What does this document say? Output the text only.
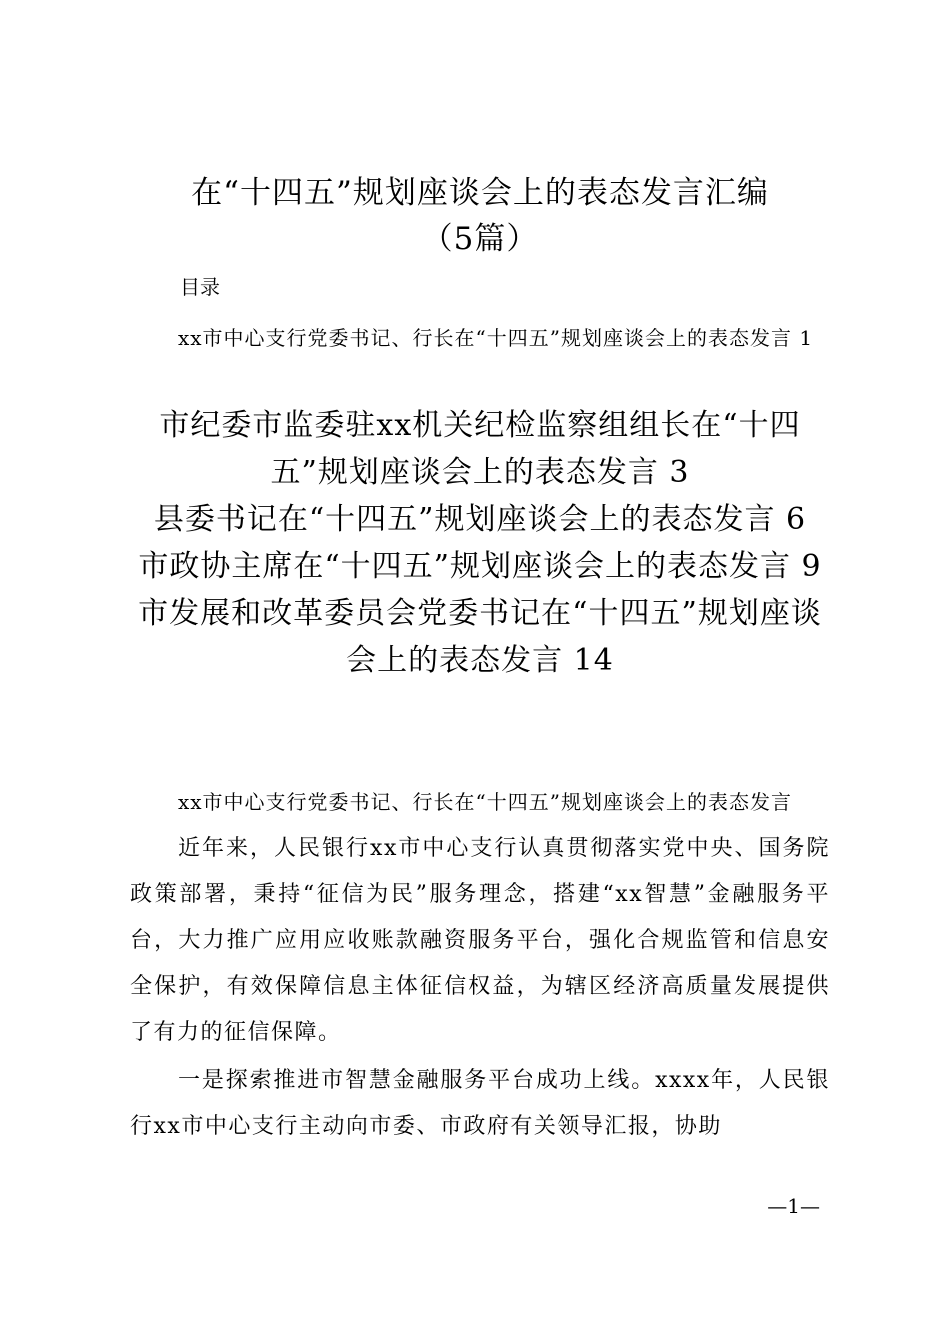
在“十四五”规划座谈会上的表态发言汇编
（5篇）
目录
xx市中心支行党委书记、行长在“十四五”规划座谈会上的表态发言 1
市纪委市监委驻xx机关纪检监察组组长在“十四五”规划座谈会上的表态发言 3
县委书记在“十四五”规划座谈会上的表态发言 6
市政协主席在“十四五”规划座谈会上的表态发言 9
市发展和改革委员会党委书记在“十四五”规划座谈会上的表态发言 14

xx市中心支行党委书记、行长在“十四五”规划座谈会上的表态发言

近年来，人民银行xx市中心支行认真贯彻落实党中央、国务院政策部署，秉持“征信为民”服务理念，搭建“xx智慧”金融服务平台，大力推广应用应收账款融资服务平台，强化合规监管和信息安全保护，有效保障信息主体征信权益，为辖区经济高质量发展提供了有力的征信保障。

一是探索推进市智慧金融服务平台成功上线。xxxx年，人民银行xx市中心支行主动向市委、市政府有关领导汇报，协助

—1—
